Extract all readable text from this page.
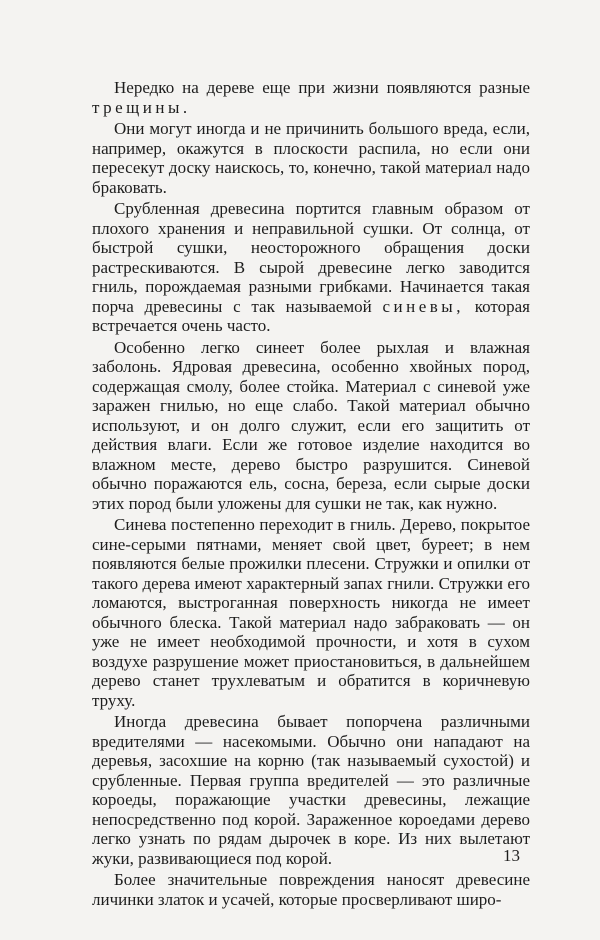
Нередко на дереве еще при жизни появляются разные трещины.

Они могут иногда и не причинить большого вреда, если, например, окажутся в плоскости распила, но если они пересекут доску наискось, то, конечно, такой материал надо браковать.

Срубленная древесина портится главным образом от плохого хранения и неправильной сушки. От солнца, от быстрой сушки, неосторожного обращения доски растрескиваются. В сырой древесине легко заводится гниль, порождаемая разными грибками. Начинается такая порча древесины с так называемой синевы, которая встречается очень часто.

Особенно легко синеет более рыхлая и влажная заболонь. Ядровая древесина, особенно хвойных пород, содержащая смолу, более стойка. Материал с синевой уже заражен гнилью, но еще слабо. Такой материал обычно используют, и он долго служит, если его защитить от действия влаги. Если же готовое изделие находится во влажном месте, дерево быстро разрушится. Синевой обычно поражаются ель, сосна, береза, если сырые доски этих пород были уложены для сушки не так, как нужно.

Синева постепенно переходит в гниль. Дерево, покрытое сине-серыми пятнами, меняет свой цвет, буреет; в нем появляются белые прожилки плесени. Стружки и опилки от такого дерева имеют характерный запах гнили. Стружки его ломаются, выстроганная поверхность никогда не имеет обычного блеска. Такой материал надо забраковать — он уже не имеет необходимой прочности, и хотя в сухом воздухе разрушение может приостановиться, в дальнейшем дерево станет трухлеватым и обратится в коричневую труху.

Иногда древесина бывает попорчена различными вредителями — насекомыми. Обычно они нападают на деревья, засохшие на корню (так называемый сухостой) и срубленные. Первая группа вредителей — это различные короеды, поражающие участки древесины, лежащие непосредственно под корой. Зараженное короедами дерево легко узнать по рядам дырочек в коре. Из них вылетают жуки, развивающиеся под корой.

Более значительные повреждения наносят древесине личинки златок и усачей, которые просверливают широ-

13
